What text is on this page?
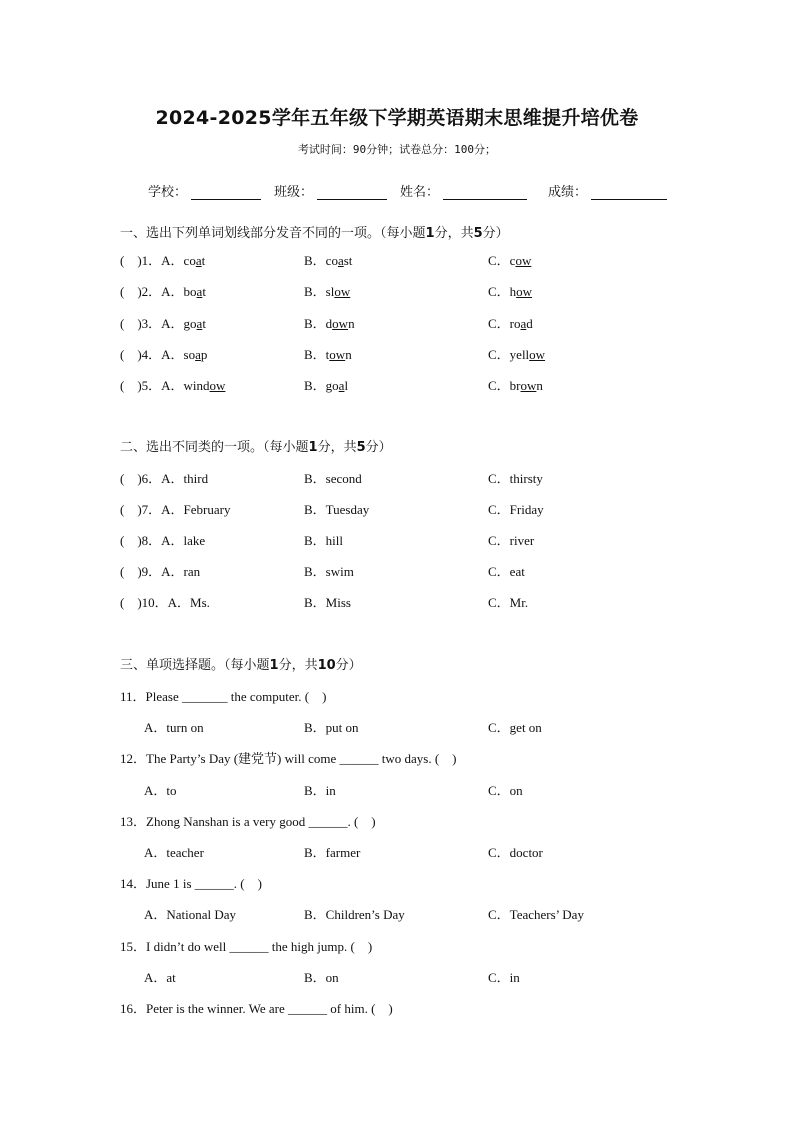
2024-2025学年五年级下学期英语期末思维提升培优卷
考试时间：90分钟；试卷总分：100分；
学校：	班级：	姓名：	成绩：
一、选出下列单词划线部分发音不同的一项。（每小题1分，共5分）
(　)1．A．coat	B．coast	C．cow
(　)2．A．boat	B．slow	C．how
(　)3．A．goat	B．down	C．road
(　)4．A．soap	B．town	C．yellow
(　)5．A．window	B．goal	C．brown
二、选出不同类的一项。（每小题1分，共5分）
(　)6．A．third	B．second	C．thirsty
(　)7．A．February	B．Tuesday	C．Friday
(　)8．A．lake	B．hill	C．river
(　)9．A．ran	B．swim	C．eat
(　)10．A．Ms.	B．Miss	C．Mr.
三、单项选择题。（每小题1分，共10分）
11．Please _______ the computer. (　)
A．turn on	B．put on	C．get on
12．The Party’s Day (建党节) will come ______ two days. (　)
A．to	B．in	C．on
13．Zhong Nanshan is a very good ______. (　)
A．teacher	B．farmer	C．doctor
14．June 1 is ______. (　)
A．National Day	B．Children’s Day	C．Teachers’ Day
15．I didn’t do well ______ the high jump. (　)
A．at	B．on	C．in
16．Peter is the winner. We are ______ of him. (　)
